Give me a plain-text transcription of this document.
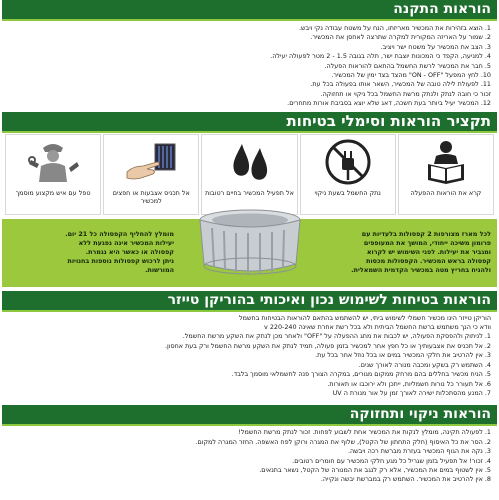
הוראות התקנה
1. הוצא בזהירות את המכשיר מאריזתו, הנח על משטח עבודה נקי ויבש.
2. שמור על האריזה המקורית למקרה שתרצה לאחסן את המכשיר.
3. הצב את המכשיר על משטח ישר ויציב.
4. למניעה, הקפד כי המכונות יוצבת ישר, תלה בגובה 1.5 - 2 מטר לפעולה יעילה.
5. חבר את המכשיר לרשת החשמל בהתאם להוראות הפעלה.
10. לחץ המפעל "ON - OFF" מהצד בצד ימין של המכשיר.
11. לפעולת לילה טובה של המכשיר, השאר אותו בפעולה בכל עת.
זכור כי חובה לנתק ולנתק מרשת החשמל בכל ניקוי או תחזוקה.
12. המכשיר יעיל ביותר בעת חשכה, דאג שלא יוצא בסביבת אורות מתחרים.
תקציר הוראות וסימלי בטיחות
קרא את הוראות ההפעלה
נתק החשמל בשעת ניקוי
אל תפעיל המכשיר בחיים רטובות
אל תכניס אצבעות או חפצים למכשיר
טפל עם איש מקצוע מוסמך
לכל מארז מצורפות 2 קפסולות בלעדיות עם
פרומון משיכה ייחודי, המושך את המעופפים
ומגביר את יעילות. לפני השימוש יש לקרוא
קפסולה בראש המכשיר. הקפסולות מכסות
ולהניח בחריץ מטה במכשיר הקדמית השמאלית.
מומלץ להחליף הקפסולה כל 21 יום.
יעילות המכשיר אינה נפגעת ללא
קפסולה או כאשר היא נגמרת.
ניתן לרכוש קפסולות נוספות בחנויות
המורשות.
הוראות בטיחות לשימוש נכון ואיכותי בהוריקן טייזר

הוריקן טייזר הינו מכשיר חשמלי לשימוש ביתי, יש להשתמש בהתאם להוראות הבטיחות בחשמל

וודא כי הנך משתמש ברשת החשמל הביתית ולא בכל רשת אחרת שאינה 220-240 v

1. לניתוק ולהפסקת הפעולה, יש לכבות את מתג ההפעלה על "OFF" ולאחר מכן לנתק את השקע מרשת החשמל.

2. אל תכניס את אצבעותיך או כל חפץ אחר למכשיר בזמן פעולה, תמיד לנתק את השקע מרשת החשמל ורק בעת אחסון.

3. אין להרטיב את חלקי המכשיר במים או בכל נוזל אחר בכל עת.

4. השתמש רק בשקע ומכבה מנורה לאורך שנים.

5. הניח מכשיר בחללים בהם מרחק ממקום מגורים, במקרה הצורך פנה לחשמלאי מוסמך בלבד.

6. אל תעורר כל נורות חשמליות, ייתכן ולא ירוכבו או תאורות.

7. המנע מהסתכלות ישירה לאורך זמן על אור מנורת ה UV

הוראות ניקוי ותחזוקה

1. לפעולה תקינה, מומלץ לנקות את המכשיר אחת לשבוע לפחות. זכור לנתק מרשת החשמל!

2. הסר את כל האיסוף (חלק התחתון של הקטל), שלוף את המגרה ורוקן לפח האשפה. החזר המגרה למקום.

3. נקה את הגוף המכשיר בעזרת מברשת רכה ויבשה.

4. זכור! אל תפעיל בזמן שגריל כל מגע חלקי המכשיר עם חומרים רטובים.

5. אין לשטוף במים את המכשיר, אלא רק לנגב את המנורה של הקטל, נשאר בתנאים.

8. אין להרטיב את המכשיר. השתמש רק במברשת יבשה ונקייה.
